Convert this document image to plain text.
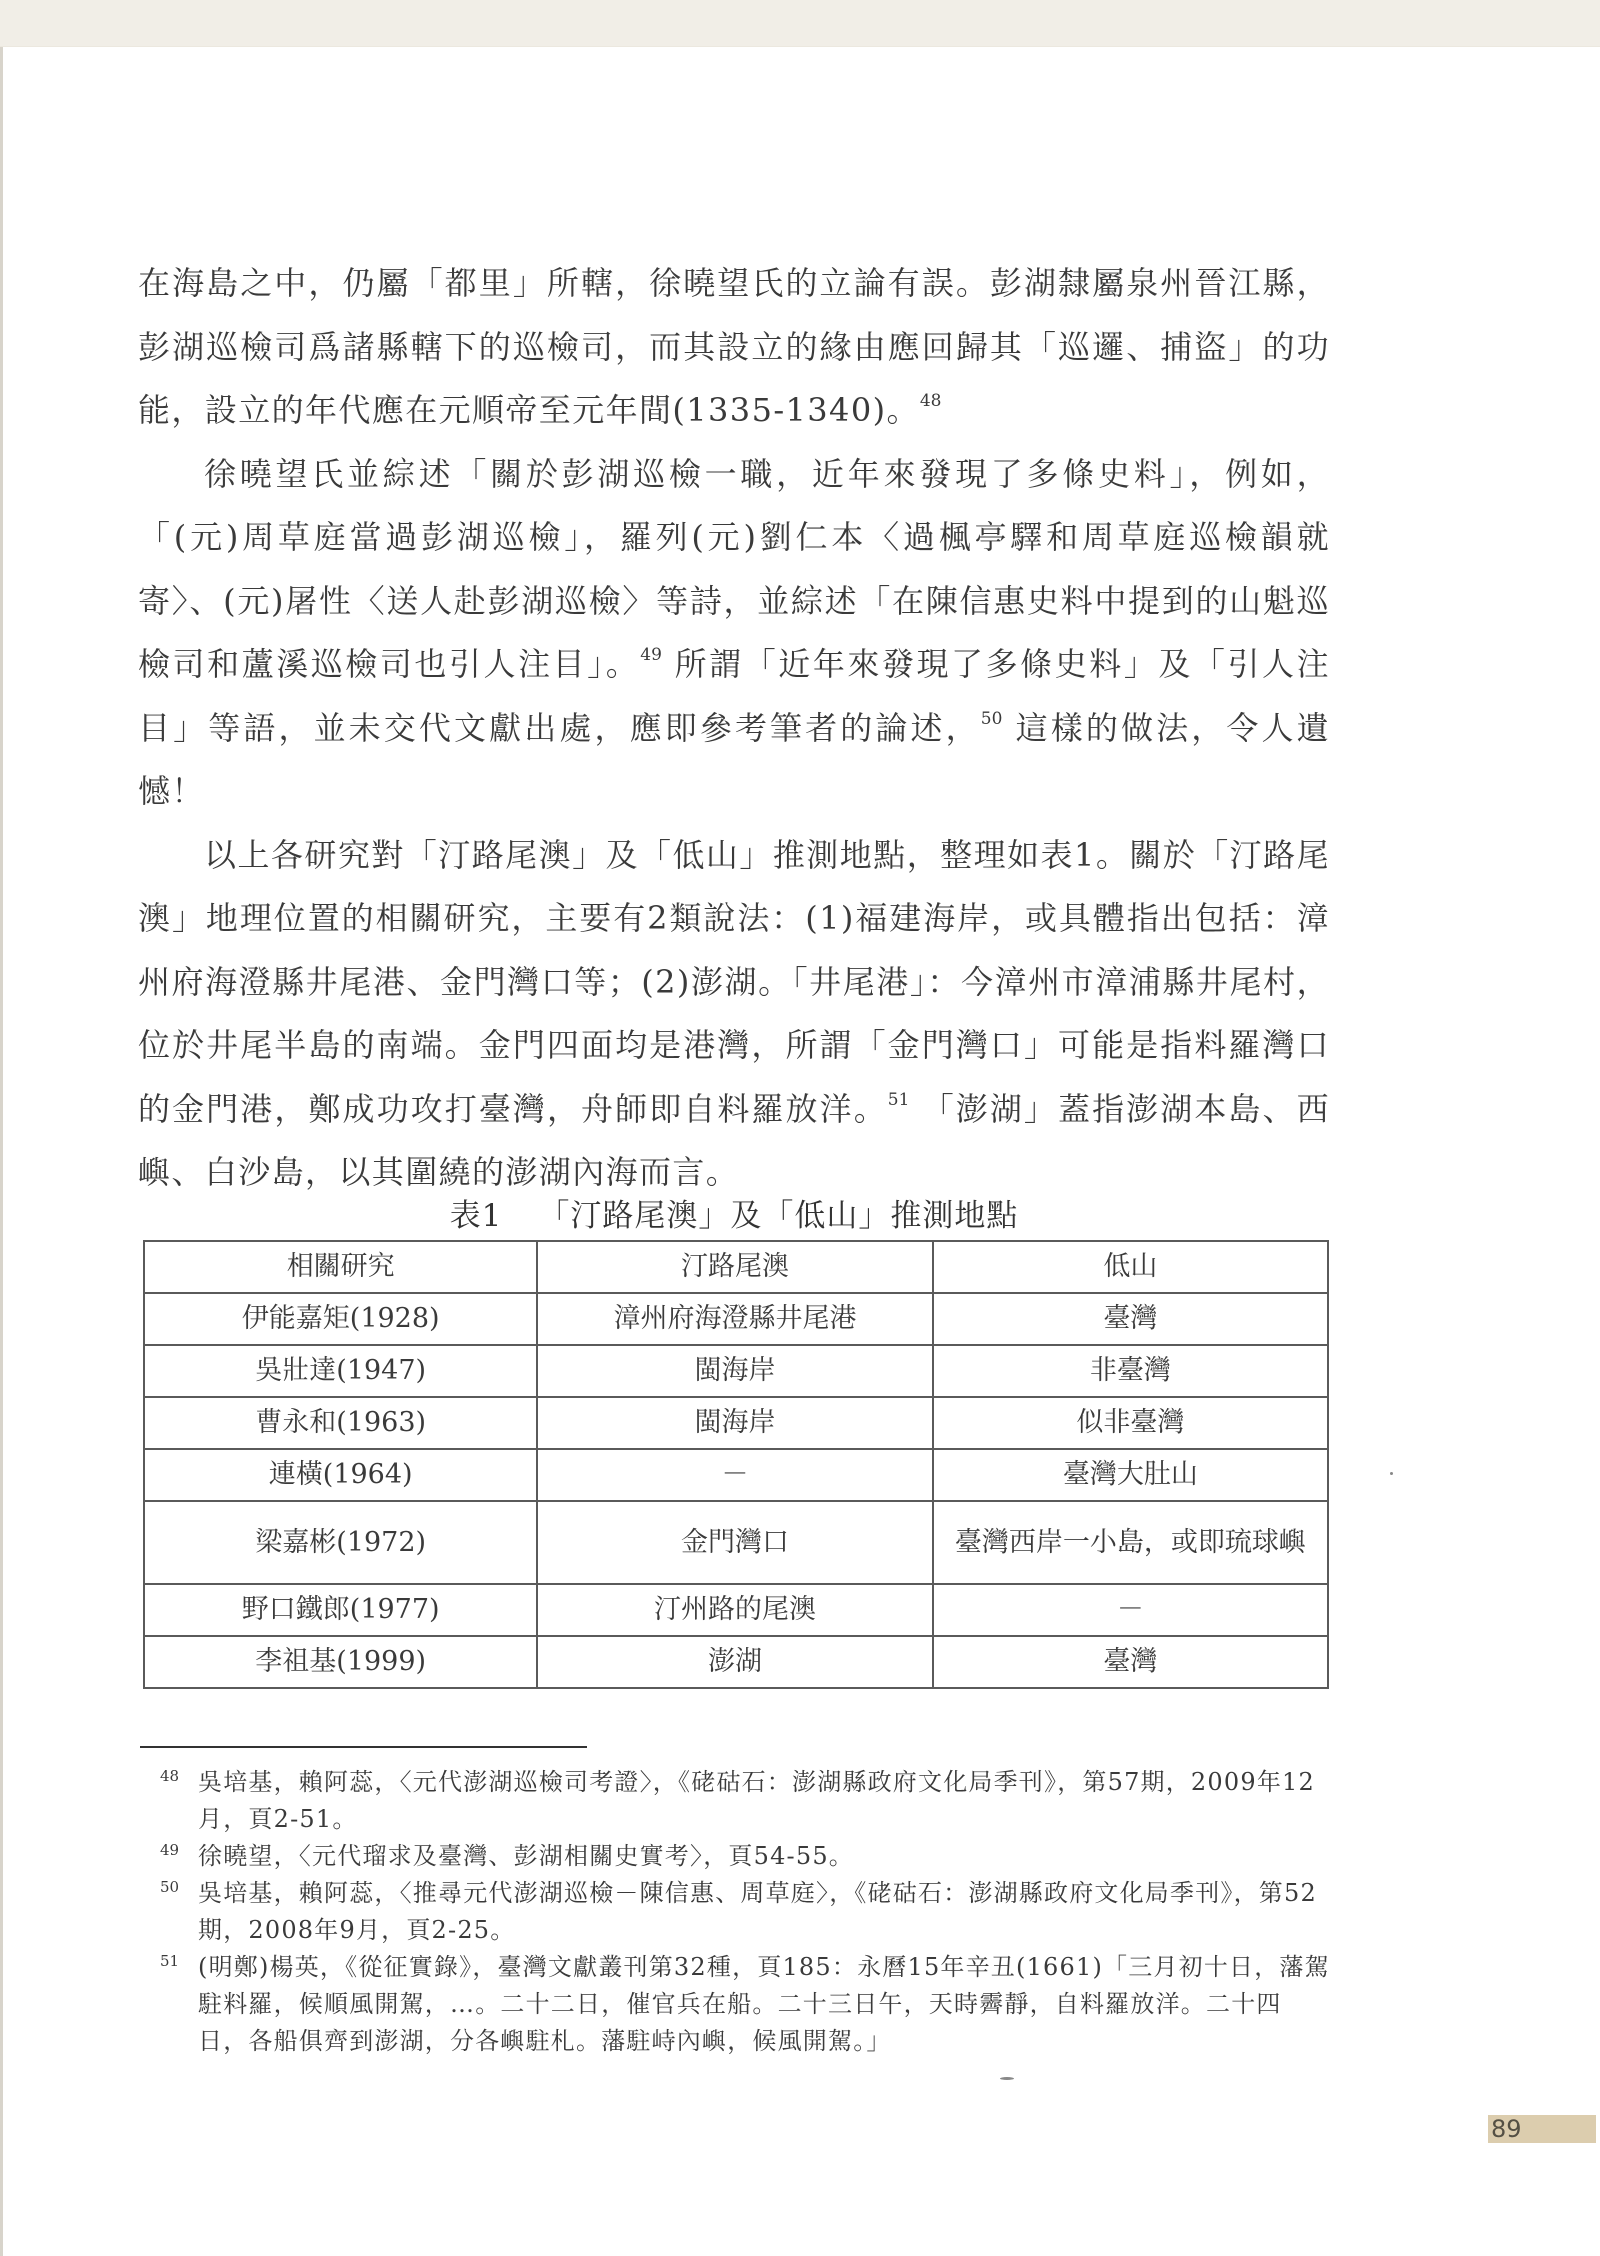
在海島之中，仍屬「都里」所轄，徐曉望氏的立論有誤。彭湖隸屬泉州晉江縣，彭湖巡檢司爲諸縣轄下的巡檢司，而其設立的緣由應回歸其「巡邏、捕盜」的功能，設立的年代應在元順帝至元年間(1335-1340)。$^{48}$

徐曉望氏並綜述「關於彭湖巡檢一職，近年來發現了多條史料」，例如，「(元)周草庭當過彭湖巡檢」，羅列(元)劉仁本〈過楓亭驛和周草庭巡檢韻就寄〉、(元)屠性〈送人赴彭湖巡檢〉等詩，並綜述「在陳信惠史料中提到的山魁巡檢司和蘆溪巡檢司也引人注目」。$^{49}$ 所謂「近年來發現了多條史料」及「引人注目」等語，並未交代文獻出處，應即參考筆者的論述，$^{50}$ 這樣的做法，令人遺憾！

以上各研究對「汀路尾澳」及「低山」推測地點，整理如表1。關於「汀路尾澳」地理位置的相關研究，主要有2類說法：(1)福建海岸，或具體指出包括：漳州府海澄縣井尾港、金門灣口等；(2)澎湖。「井尾港」：今漳州市漳浦縣井尾村，位於井尾半島的南端。金門四面均是港灣，所謂「金門灣口」可能是指料羅灣口的金門港，鄭成功攻打臺灣，舟師即自料羅放洋。$^{51}$ 「澎湖」蓋指澎湖本島、西嶼、白沙島，以其圍繞的澎湖內海而言。

表1 「汀路尾澳」及「低山」推測地點
相關研究	汀路尾澳	低山
伊能嘉矩(1928)	漳州府海澄縣井尾港	臺灣
吳壯達(1947)	閩海岸	非臺灣
曹永和(1963)	閩海岸	似非臺灣
連橫(1964)	－	臺灣大肚山
梁嘉彬(1972)	金門灣口	臺灣西岸一小島，或即琉球嶼
野口鐵郎(1977)	汀州路的尾澳	－
李祖基(1999)	澎湖	臺灣
48 吳培基，賴阿蕊，〈元代澎湖巡檢司考證〉，《硓𥑮石：澎湖縣政府文化局季刊》，第57期，2009年12月，頁2-51。
49 徐曉望，〈元代瑠求及臺灣、彭湖相關史實考〉，頁54-55。
50 吳培基，賴阿蕊，〈推尋元代澎湖巡檢－陳信惠、周草庭〉，《硓𥑮石：澎湖縣政府文化局季刊》，第52期，2008年9月，頁2-25。
51 (明鄭)楊英，《從征實錄》，臺灣文獻叢刊第32種，頁185：永曆15年辛丑(1661)「三月初十日，藩駕駐料羅，候順風開駕，…。二十二日，催官兵在船。二十三日午，天時霽靜，自料羅放洋。二十四日，各船俱齊到澎湖，分各嶼駐札。藩駐峙內嶼，候風開駕。」
89
